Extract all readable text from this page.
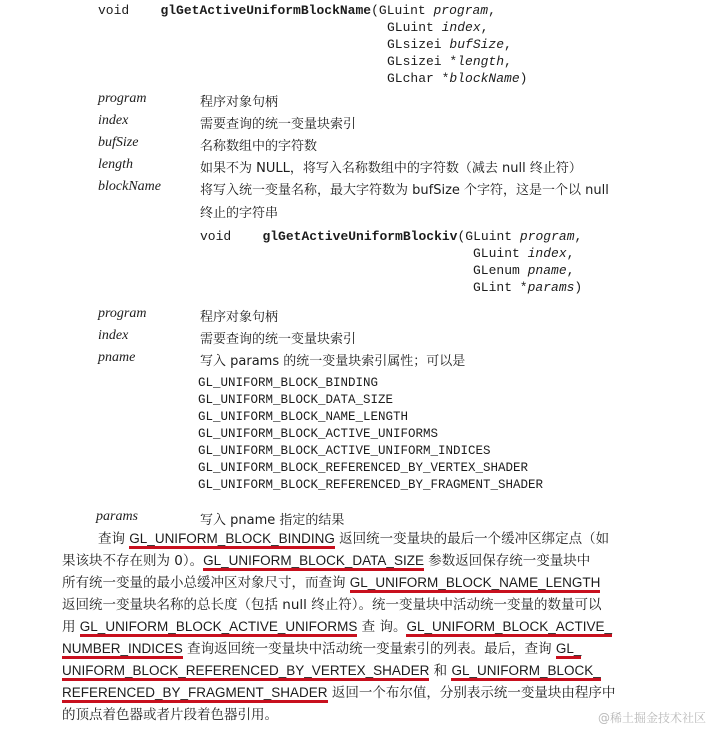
void glGetActiveUniformBlockName(GLuint program,
GLuint index,
GLsizei bufSize,
GLsizei *length,
GLchar *blockName)
program	程序对象句柄
index	需要查询的统一变量块索引
bufSize	名称数组中的字符数
length	如果不为 NULL，将写入名称数组中的字符数（减去 null 终止符）
blockName	将写入统一变量名称，最大字符数为 bufSize 个字符，这是一个以 null
终止的字符串
void glGetActiveUniformBlockiv(GLuint program,
GLuint index,
GLenum pname,
GLint *params)
program	程序对象句柄
index	需要查询的统一变量块索引
pname	写入 params 的统一变量块索引属性；可以是
GL_UNIFORM_BLOCK_BINDING
GL_UNIFORM_BLOCK_DATA_SIZE
GL_UNIFORM_BLOCK_NAME_LENGTH
GL_UNIFORM_BLOCK_ACTIVE_UNIFORMS
GL_UNIFORM_BLOCK_ACTIVE_UNIFORM_INDICES
GL_UNIFORM_BLOCK_REFERENCED_BY_VERTEX_SHADER
GL_UNIFORM_BLOCK_REFERENCED_BY_FRAGMENT_SHADER
params	写入 pname 指定的结果
查询 GL_UNIFORM_BLOCK_BINDING 返回统一变量块的最后一个缓冲区绑定点（如
果该块不存在则为 0）。GL_UNIFORM_BLOCK_DATA_SIZE 参数返回保存统一变量块中
所有统一变量的最小总缓冲区对象尺寸，而查询 GL_UNIFORM_BLOCK_NAME_LENGTH
返回统一变量块名称的总长度（包括 null 终止符）。统一变量块中活动统一变量的数量可以
用 GL_UNIFORM_BLOCK_ACTIVE_UNIFORMS 查 询。GL_UNIFORM_BLOCK_ACTIVE_
NUMBER_INDICES 查询返回统一变量块中活动统一变量索引的列表。最后，查询 GL_
UNIFORM_BLOCK_REFERENCED_BY_VERTEX_SHADER 和 GL_UNIFORM_BLOCK_
REFERENCED_BY_FRAGMENT_SHADER 返回一个布尔值，分别表示统一变量块由程序中
的顶点着色器或者片段着色器引用。	@稀土掘金技术社区
